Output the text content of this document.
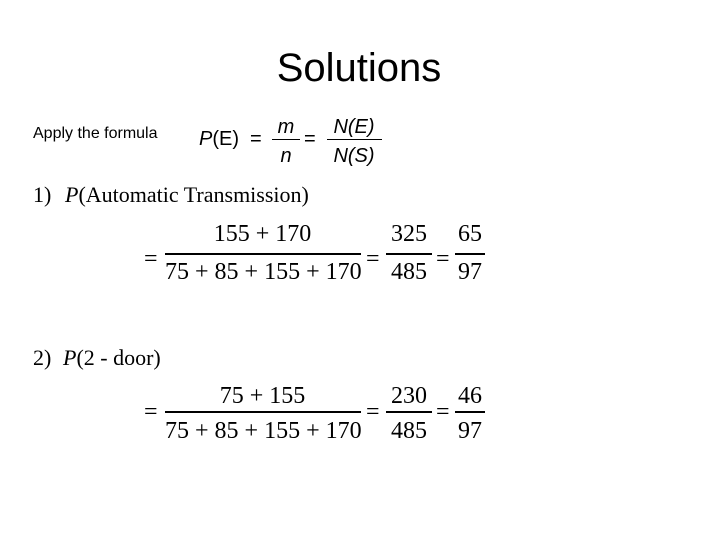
Solutions
Apply the formula P(E) =
m
n
=
N(E)
N(S)
1) P(Automatic Transmission)
=
155 + 170
75 + 85 + 155 + 170 =
325
485 =
65
97
2) P(2 - door)
=
75 + 155
75 + 85 + 155 + 170
=
230
485
=
46
97
